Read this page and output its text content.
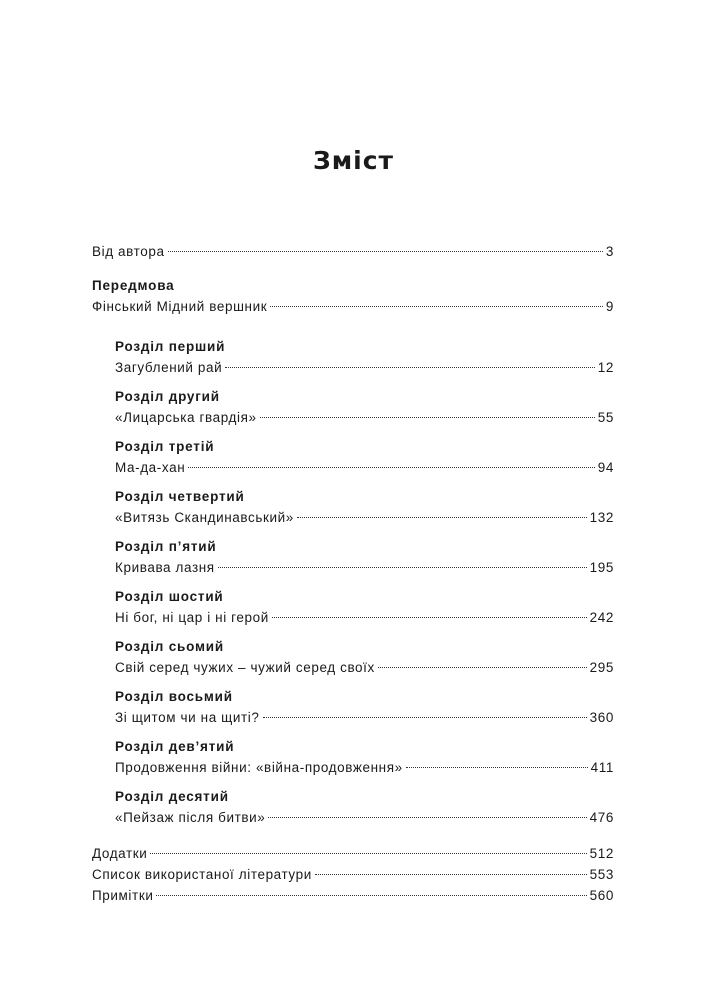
Зміст
Від автора	3
Передмова
Фінський Мідний вершник	9
Розділ перший
Загублений рай	12
Розділ другий
«Лицарська гвардія»	55
Розділ третій
Ма-да-хан	94
Розділ четвертий
«Витязь Скандинавський»	132
Розділ п’ятий
Кривава лазня	195
Розділ шостий
Ні бог, ні цар і ні герой	242
Розділ сьомий
Свій серед чужих – чужий серед своїх	295
Розділ восьмий
Зі щитом чи на щиті?	360
Розділ дев’ятий
Продовження війни: «війна-продовження»	411
Розділ десятий
«Пейзаж після битви»	476
Додатки	512
Список використаної літератури	553
Примітки	560
